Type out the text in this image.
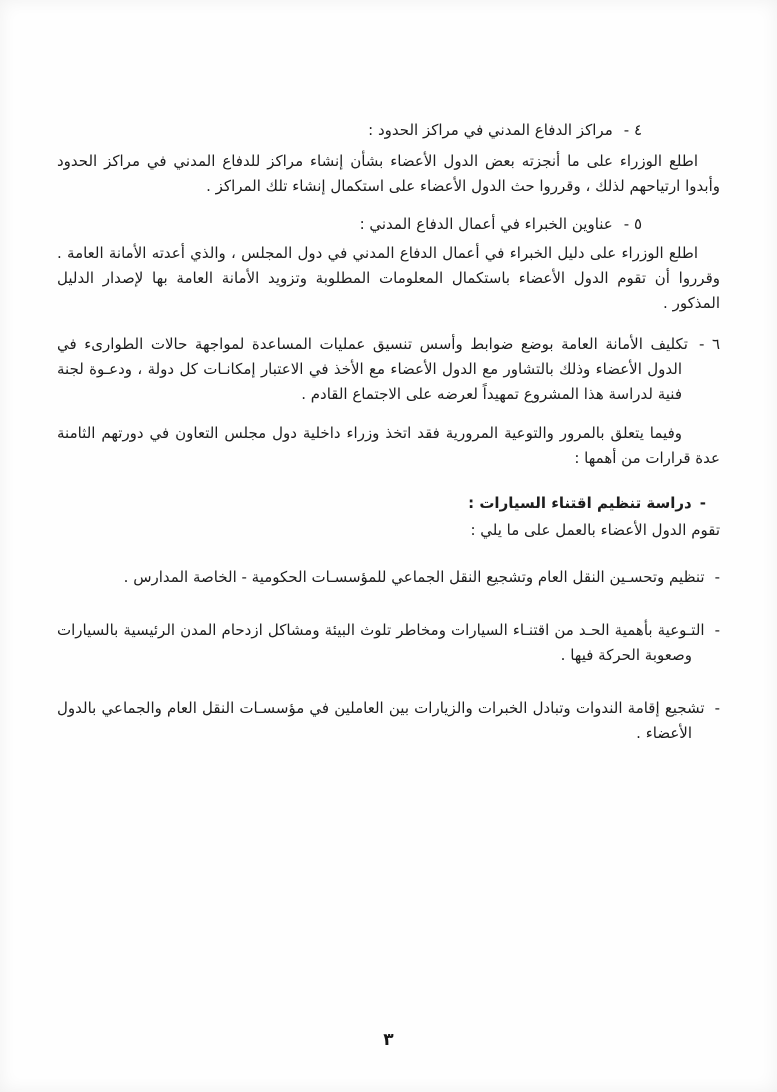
٤ -مراكز الدفاع المدني في مراكز الحدود :

اطلع الوزراء على ما أنجزته بعض الدول الأعضاء بشأن إنشاء مراكز للدفاع المدني في مراكز الحدود وأبدوا ارتياحهم لذلك ، وقرروا حث الدول الأعضاء على استكمال إنشاء تلك المراكز .

٥ -عناوين الخبراء في أعمال الدفاع المدني :

اطلع الوزراء على دليل الخبراء في أعمال الدفاع المدني في دول المجلس ، والذي أعدته الأمانة العامة . وقرروا أن تقوم الدول الأعضاء باستكمال المعلومات المطلوبة وتزويد الأمانة العامة بها لإصدار الدليل المذكور .

٦ -تكليف الأمانة العامة بوضع ضوابط وأسس تنسيق عمليات المساعدة لمواجهة حالات الطوارىء في الدول الأعضاء وذلك بالتشاور مع الدول الأعضاء مع الأخذ في الاعتبار إمكانـات كل دولة ، ودعـوة لجنة فنية لدراسة هذا المشروع تمهيداً لعرضه على الاجتماع القادم .

وفيما يتعلق بالمرور والتوعية المرورية فقد اتخذ وزراء داخلية دول مجلس التعاون في دورتهم الثامنة عدة قرارات من أهمها :

-دراسة تنظيم اقتناء السيارات :

تقوم الدول الأعضاء بالعمل على ما يلي :

-تنظيم وتحسـين النقل العام وتشجيع النقل الجماعي للمؤسسـات الحكومية - الخاصة المدارس .

-التـوعية بأهمية الحـد من اقتنـاء السيارات ومخاطر تلوث البيئة ومشاكل ازدحام المدن الرئيسية بالسيارات وصعوبة الحركة فيها .

-تشجيع إقامة الندوات وتبادل الخبرات والزيارات بين العاملين في مؤسسـات النقل العام والجماعي بالدول الأعضاء .

٣
